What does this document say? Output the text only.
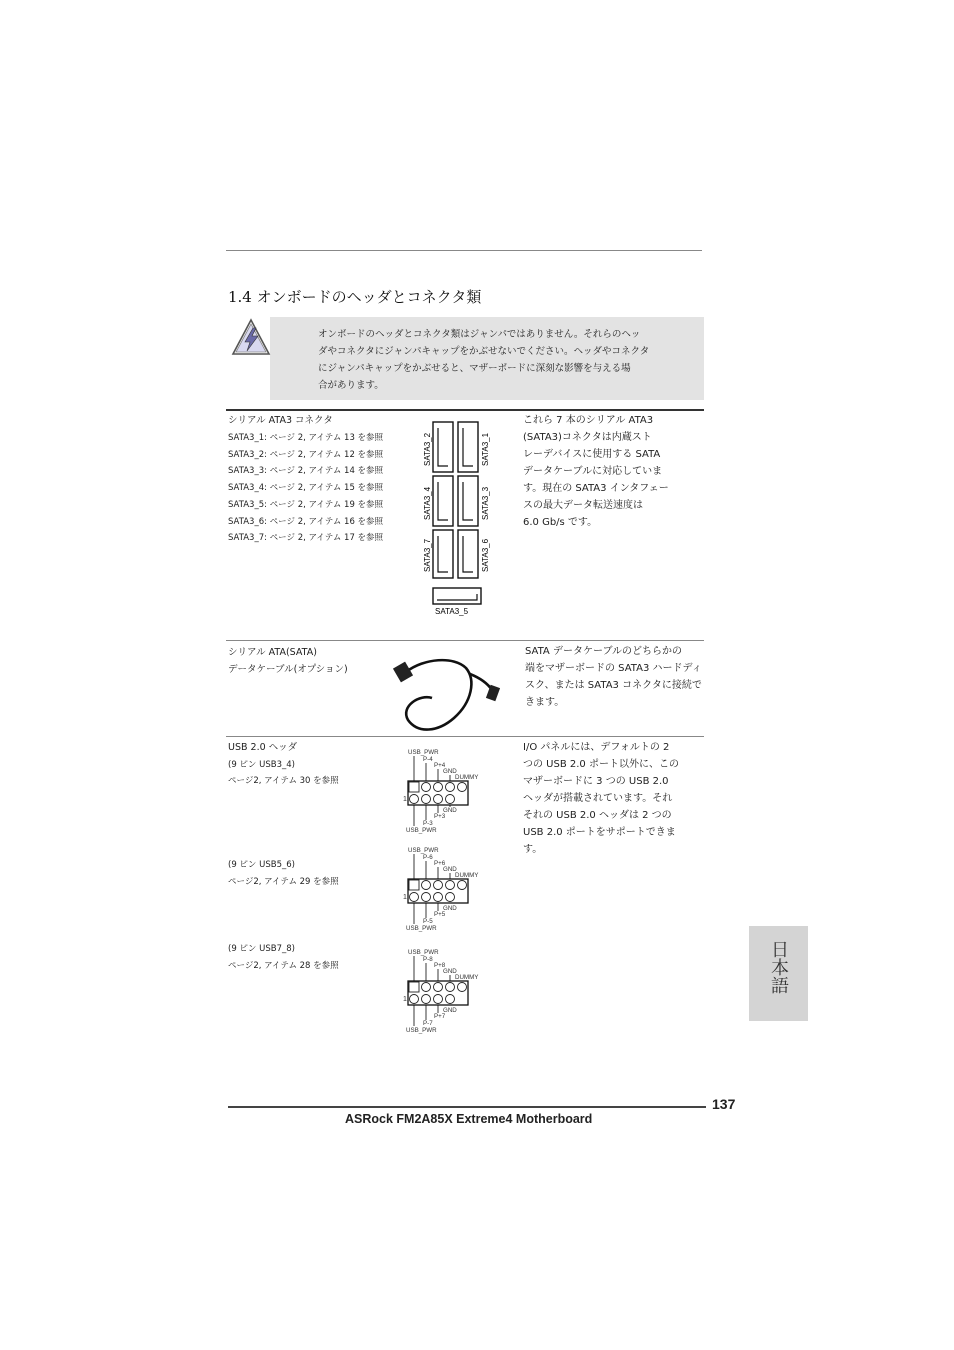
1.4 オンボードのヘッダとコネクタ類
オンボードのヘッダとコネクタ類はジャンパではありません。それらのヘッ
ダやコネクタにジャンパキャップをかぶせないでください。ヘッダやコネクタ
にジャンパキャップをかぶせると、マザーボードに深刻な影響を与える場
合があります。
シリアル ATA3 コネクタ
SATA3_1: ページ 2, アイテム 13 を参照
SATA3_2: ページ 2, アイテム 12 を参照
SATA3_3: ページ 2, アイテム 14 を参照
SATA3_4: ページ 2, アイテム 15 を参照
SATA3_5: ページ 2, アイテム 19 を参照
SATA3_6: ページ 2, アイテム 16 を参照
SATA3_7: ページ 2, アイテム 17 を参照
SATA3_2	SATA3_1
SATA3_4	SATA3_3
SATA3_7	SATA3_6
SATA3_5
これら 7 本のシリアル ATA3
(SATA3)コネクタは内蔵スト
レーデバイスに使用する SATA
データケーブルに対応していま
す。現在の SATA3 インタフェー
スの最大データ転送速度は
6.0 Gb/s です。
シリアル ATA(SATA)
データケーブル(オプション)
SATA データケーブルのどちらかの
端をマザーボードの SATA3 ハードディ
スク、または SATA3 コネクタに接続で
きます。
USB 2.0 ヘッダ
(9 ピン USB3_4)
ページ2, アイテム 30 を参照
(9 ピン USB5_6)
ページ2, アイテム 29 を参照
(9 ピン USB7_8)
ページ2, アイテム 28 を参照
USB_PWR
P-4
P+4
GND
DUMMY
GND
P+3
P-3
USB_PWR
1
USB_PWR
P-6
P+6
GND
DUMMY
GND
P+5
P-5
USB_PWR
1
USB_PWR
P-8
P+8
GND
DUMMY
GND
P+7
P-7
USB_PWR
1
I/O パネルには、デフォルトの 2
つの USB 2.0 ポート以外に、この
マザーボードに 3 つの USB 2.0
ヘッダが搭載されています。それ
それの USB 2.0 ヘッダは 2 つの
USB 2.0 ポートをサポートできま
す。
日本語
137
ASRock FM2A85X Extreme4 Motherboard
